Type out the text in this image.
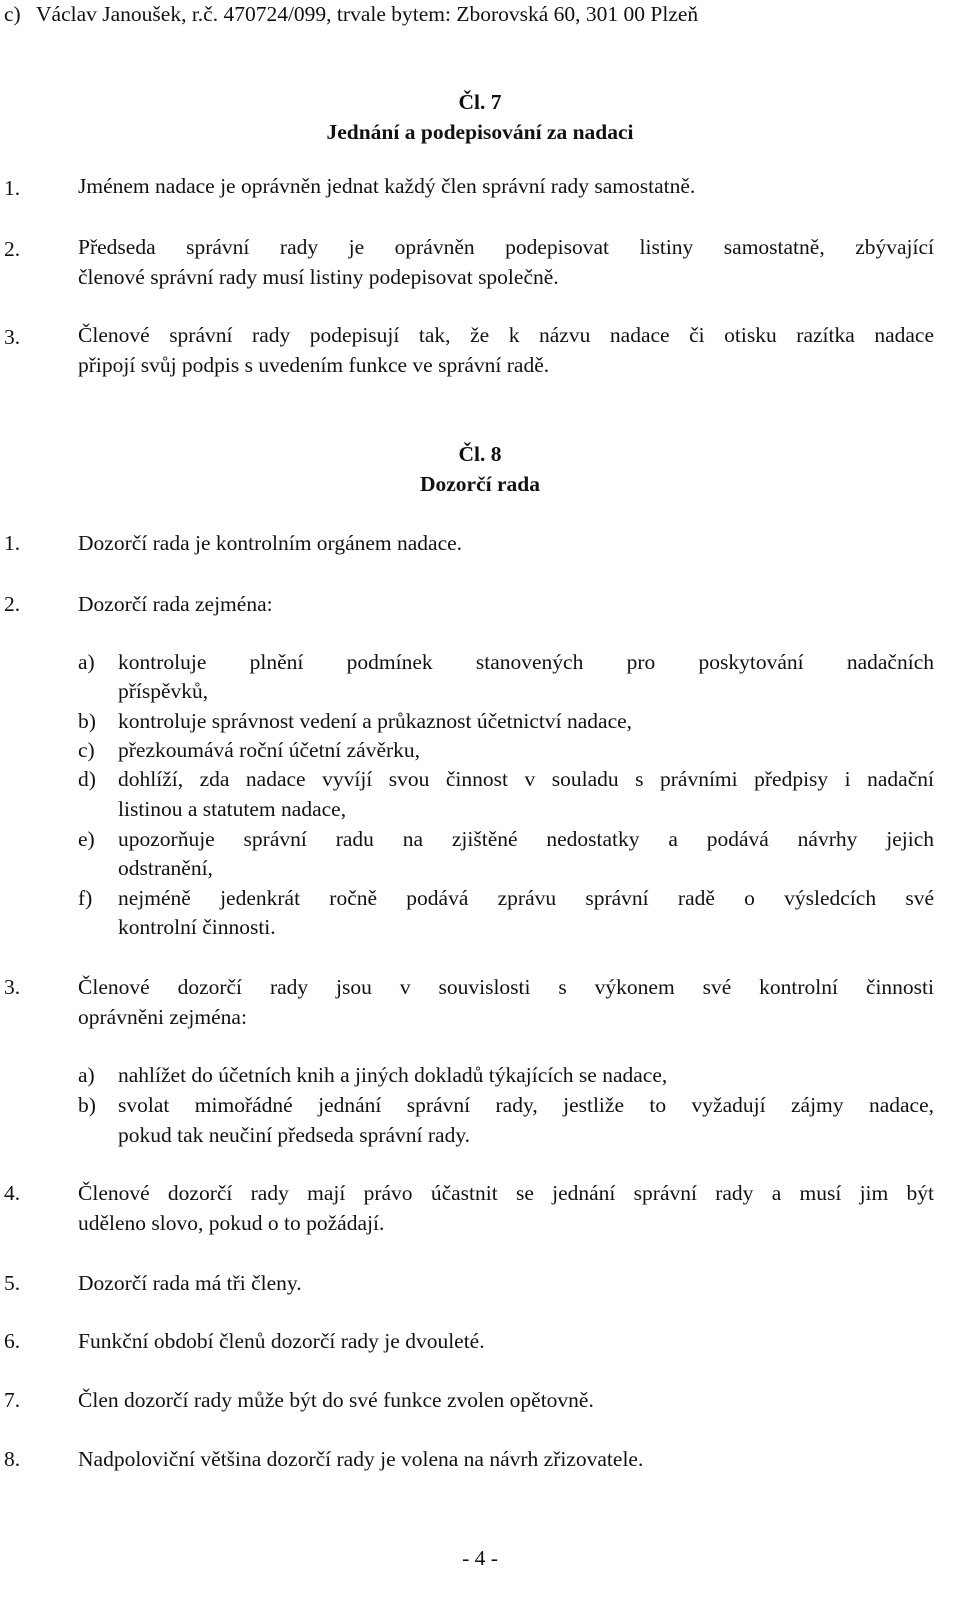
c) Václav Janoušek, r.č. 470724/099, trvale bytem: Zborovská 60, 301 00 Plzeň
Čl. 7
Jednání a podepisování za nadaci
1.	Jménem nadace je oprávněn jednat každý člen správní rady samostatně.
2.	Předseda správní rady je oprávněn podepisovat listiny samostatně, zbývající
členové správní rady musí listiny podepisovat společně.
3.	Členové správní rady podepisují tak, že k názvu nadace či otisku razítka nadace
připojí svůj podpis s uvedením funkce ve správní radě.
Čl. 8
Dozorčí rada
1.	Dozorčí rada je kontrolním orgánem nadace.
2.	Dozorčí rada zejména:
a) kontroluje plnění podmínek stanovených pro poskytování nadačních
příspěvků,
b) kontroluje správnost vedení a průkaznost účetnictví nadace,
c) přezkoumává roční účetní závěrku,
d) dohlíží, zda nadace vyvíjí svou činnost v souladu s právními předpisy i nadační
listinou a statutem nadace,
e) upozorňuje správní radu na zjištěné nedostatky a podává návrhy jejich
odstranění,
f) nejméně jedenkrát ročně podává zprávu správní radě o výsledcích své
kontrolní činnosti.
3.	Členové dozorčí rady jsou v souvislosti s výkonem své kontrolní činnosti
oprávněni zejména:
a) nahlížet do účetních knih a jiných dokladů týkajících se nadace,
b) svolat mimořádné jednání správní rady, jestliže to vyžadují zájmy nadace,
pokud tak neučiní předseda správní rady.
4.	Členové dozorčí rady mají právo účastnit se jednání správní rady a musí jim být
uděleno slovo, pokud o to požádají.
5.	Dozorčí rada má tři členy.
6.	Funkční období členů dozorčí rady je dvouleté.
7.	Člen dozorčí rady může být do své funkce zvolen opětovně.
8.	Nadpoloviční většina dozorčí rady je volena na návrh zřizovatele.
- 4 -
